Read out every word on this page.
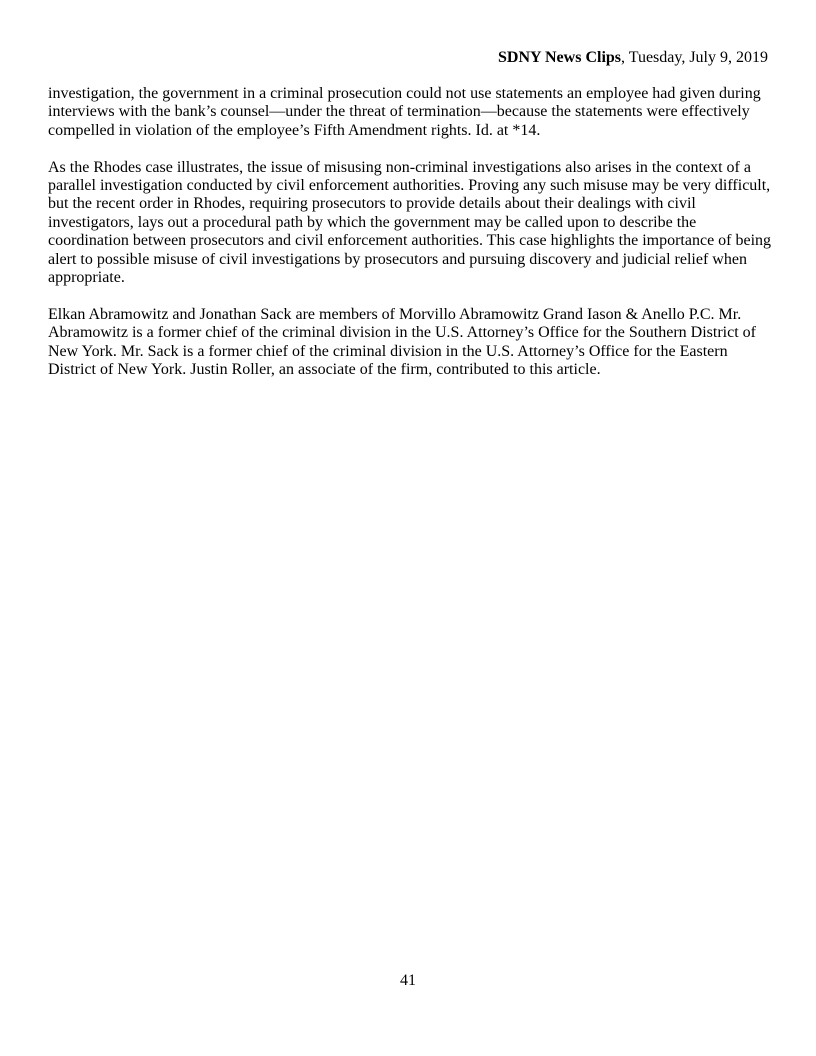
SDNY News Clips, Tuesday, July 9, 2019

investigation, the government in a criminal prosecution could not use statements an employee had given during interviews with the bank’s counsel—under the threat of termination—because the statements were effectively compelled in violation of the employee’s Fifth Amendment rights. Id. at *14.

As the Rhodes case illustrates, the issue of misusing non-criminal investigations also arises in the context of a parallel investigation conducted by civil enforcement authorities. Proving any such misuse may be very difficult, but the recent order in Rhodes, requiring prosecutors to provide details about their dealings with civil investigators, lays out a procedural path by which the government may be called upon to describe the coordination between prosecutors and civil enforcement authorities. This case highlights the importance of being alert to possible misuse of civil investigations by prosecutors and pursuing discovery and judicial relief when appropriate.

Elkan Abramowitz and Jonathan Sack are members of Morvillo Abramowitz Grand Iason & Anello P.C. Mr. Abramowitz is a former chief of the criminal division in the U.S. Attorney’s Office for the Southern District of New York. Mr. Sack is a former chief of the criminal division in the U.S. Attorney’s Office for the Eastern District of New York. Justin Roller, an associate of the firm, contributed to this article.

41
